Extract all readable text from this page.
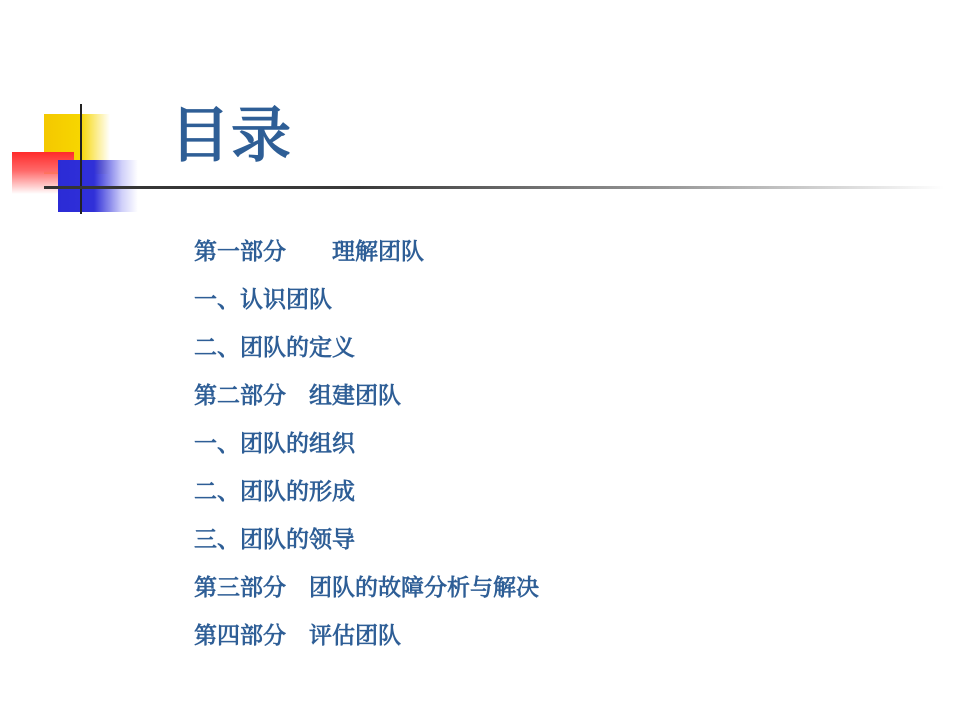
目录
第一部分　　理解团队
一、认识团队
二、团队的定义
第二部分　组建团队
一、团队的组织
二、团队的形成
三、团队的领导
第三部分　团队的故障分析与解决
第四部分　评估团队
